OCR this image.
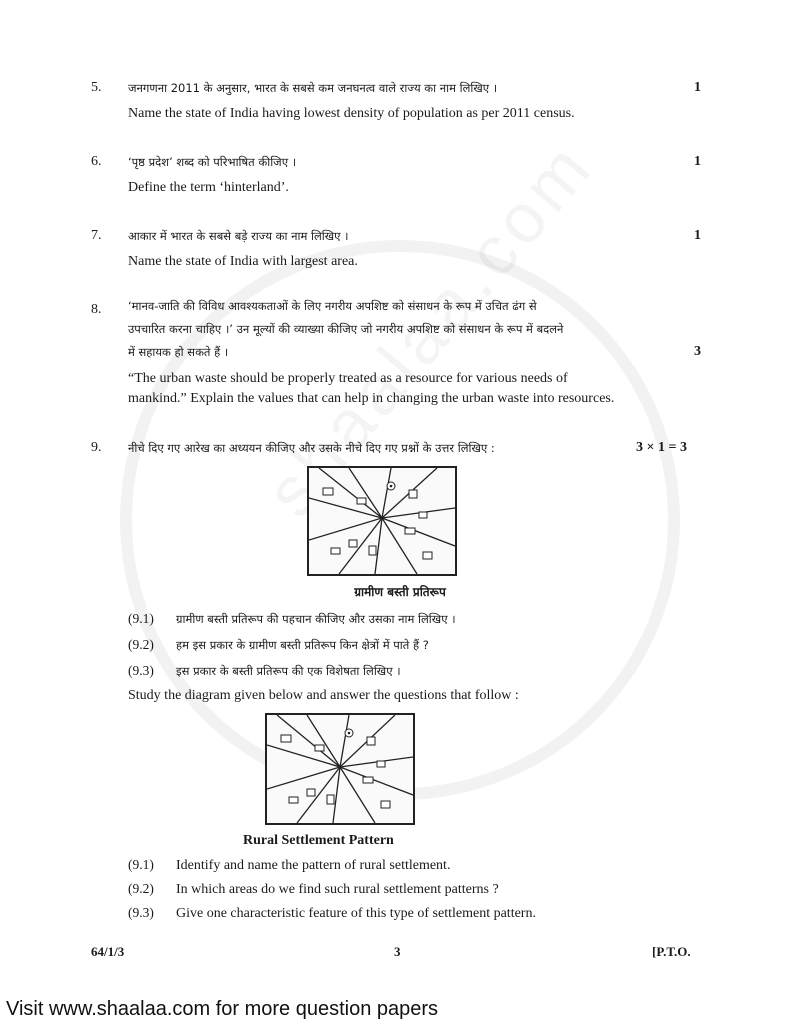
5. जनगणना 2011 के अनुसार, भारत के सबसे कम जनघनत्व वाले राज्य का नाम लिखिए ।	1
Name the state of India having lowest density of population as per 2011 census.
6. ‘पृष्ठ प्रदेश’ शब्द को परिभाषित कीजिए ।	1
Define the term ‘hinterland’.
7. आकार में भारत के सबसे बड़े राज्य का नाम लिखिए ।	1
Name the state of India with largest area.
8. ‘मानव-जाति की विविध आवश्यकताओं के लिए नगरीय अपशिष्ट को संसाधन के रूप में उचित ढंग से
उपचारित करना चाहिए ।’ उन मूल्यों की व्याख्या कीजिए जो नगरीय अपशिष्ट को संसाधन के रूप में बदलने
में सहायक हो सकते हैं ।	3
“The urban waste should be properly treated as a resource for various needs of
mankind.” Explain the values that can help in changing the urban waste into resources.
9. नीचे दिए गए आरेख का अध्ययन कीजिए और उसके नीचे दिए गए प्रश्नों के उत्तर लिखिए :	3 × 1 = 3
ग्रामीण बस्ती प्रतिरूप
(9.1) ग्रामीण बस्ती प्रतिरूप की पहचान कीजिए और उसका नाम लिखिए ।
(9.2) हम इस प्रकार के ग्रामीण बस्ती प्रतिरूप किन क्षेत्रों में पाते हैं ?
(9.3) इस प्रकार के बस्ती प्रतिरूप की एक विशेषता लिखिए ।
Study the diagram given below and answer the questions that follow :
Rural Settlement Pattern
(9.1) Identify and name the pattern of rural settlement.
(9.2) In which areas do we find such rural settlement patterns ?
(9.3) Give one characteristic feature of this type of settlement pattern.
64/1/3	3	[P.T.O.
Visit www.shaalaa.com for more question papers
